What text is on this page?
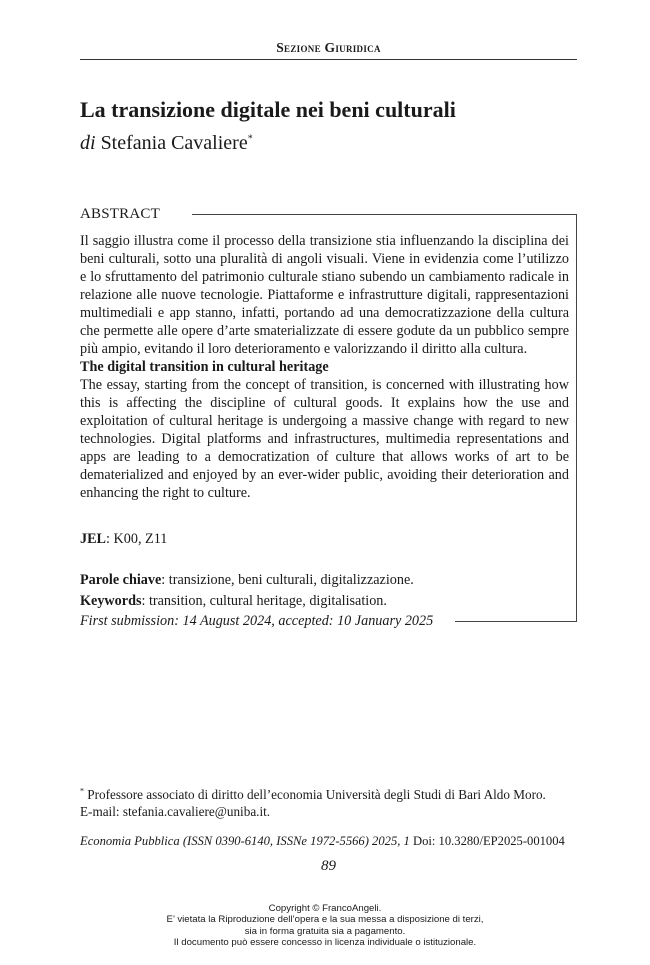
Sezione Giuridica
La transizione digitale nei beni culturali
di Stefania Cavaliere*
ABSTRACT

Il saggio illustra come il processo della transizione stia influenzando la disciplina dei beni culturali, sotto una pluralità di angoli visuali. Viene in evidenzia come l’utilizzo e lo sfruttamento del patrimonio culturale stiano subendo un cambiamento radicale in relazione alle nuove tecnologie. Piattaforme e infrastrutture digitali, rappresentazioni multimediali e app stanno, infatti, portando ad una democratizzazione della cultura che permette alle opere d’arte smaterializzate di essere godute da un pubblico sempre più ampio, evitando il loro deterioramento e valorizzando il diritto alla cultura.

The digital transition in cultural heritage

The essay, starting from the concept of transition, is concerned with illustrating how this is affecting the discipline of cultural goods. It explains how the use and exploitation of cultural heritage is undergoing a massive change with regard to new technologies. Digital platforms and infrastructures, multimedia representations and apps are leading to a democratization of culture that allows works of art to be dematerialized and enjoyed by an ever-wider public, avoiding their deterioration and enhancing the right to culture.

JEL: K00, Z11
Parole chiave: transizione, beni culturali, digitalizzazione.
Keywords: transition, cultural heritage, digitalisation.
First submission: 14 August 2024, accepted: 10 January 2025
* Professore associato di diritto dell’economia Università degli Studi di Bari Aldo Moro.
E-mail: stefania.cavaliere@uniba.it.
Economia Pubblica (ISSN 0390-6140, ISSNe 1972-5566) 2025, 1 Doi: 10.3280/EP2025-001004
89
Copyright © FrancoAngeli.
E’ vietata la Riproduzione dell’opera e la sua messa a disposizione di terzi,
sia in forma gratuita sia a pagamento.
Il documento può essere concesso in licenza individuale o istituzionale.
